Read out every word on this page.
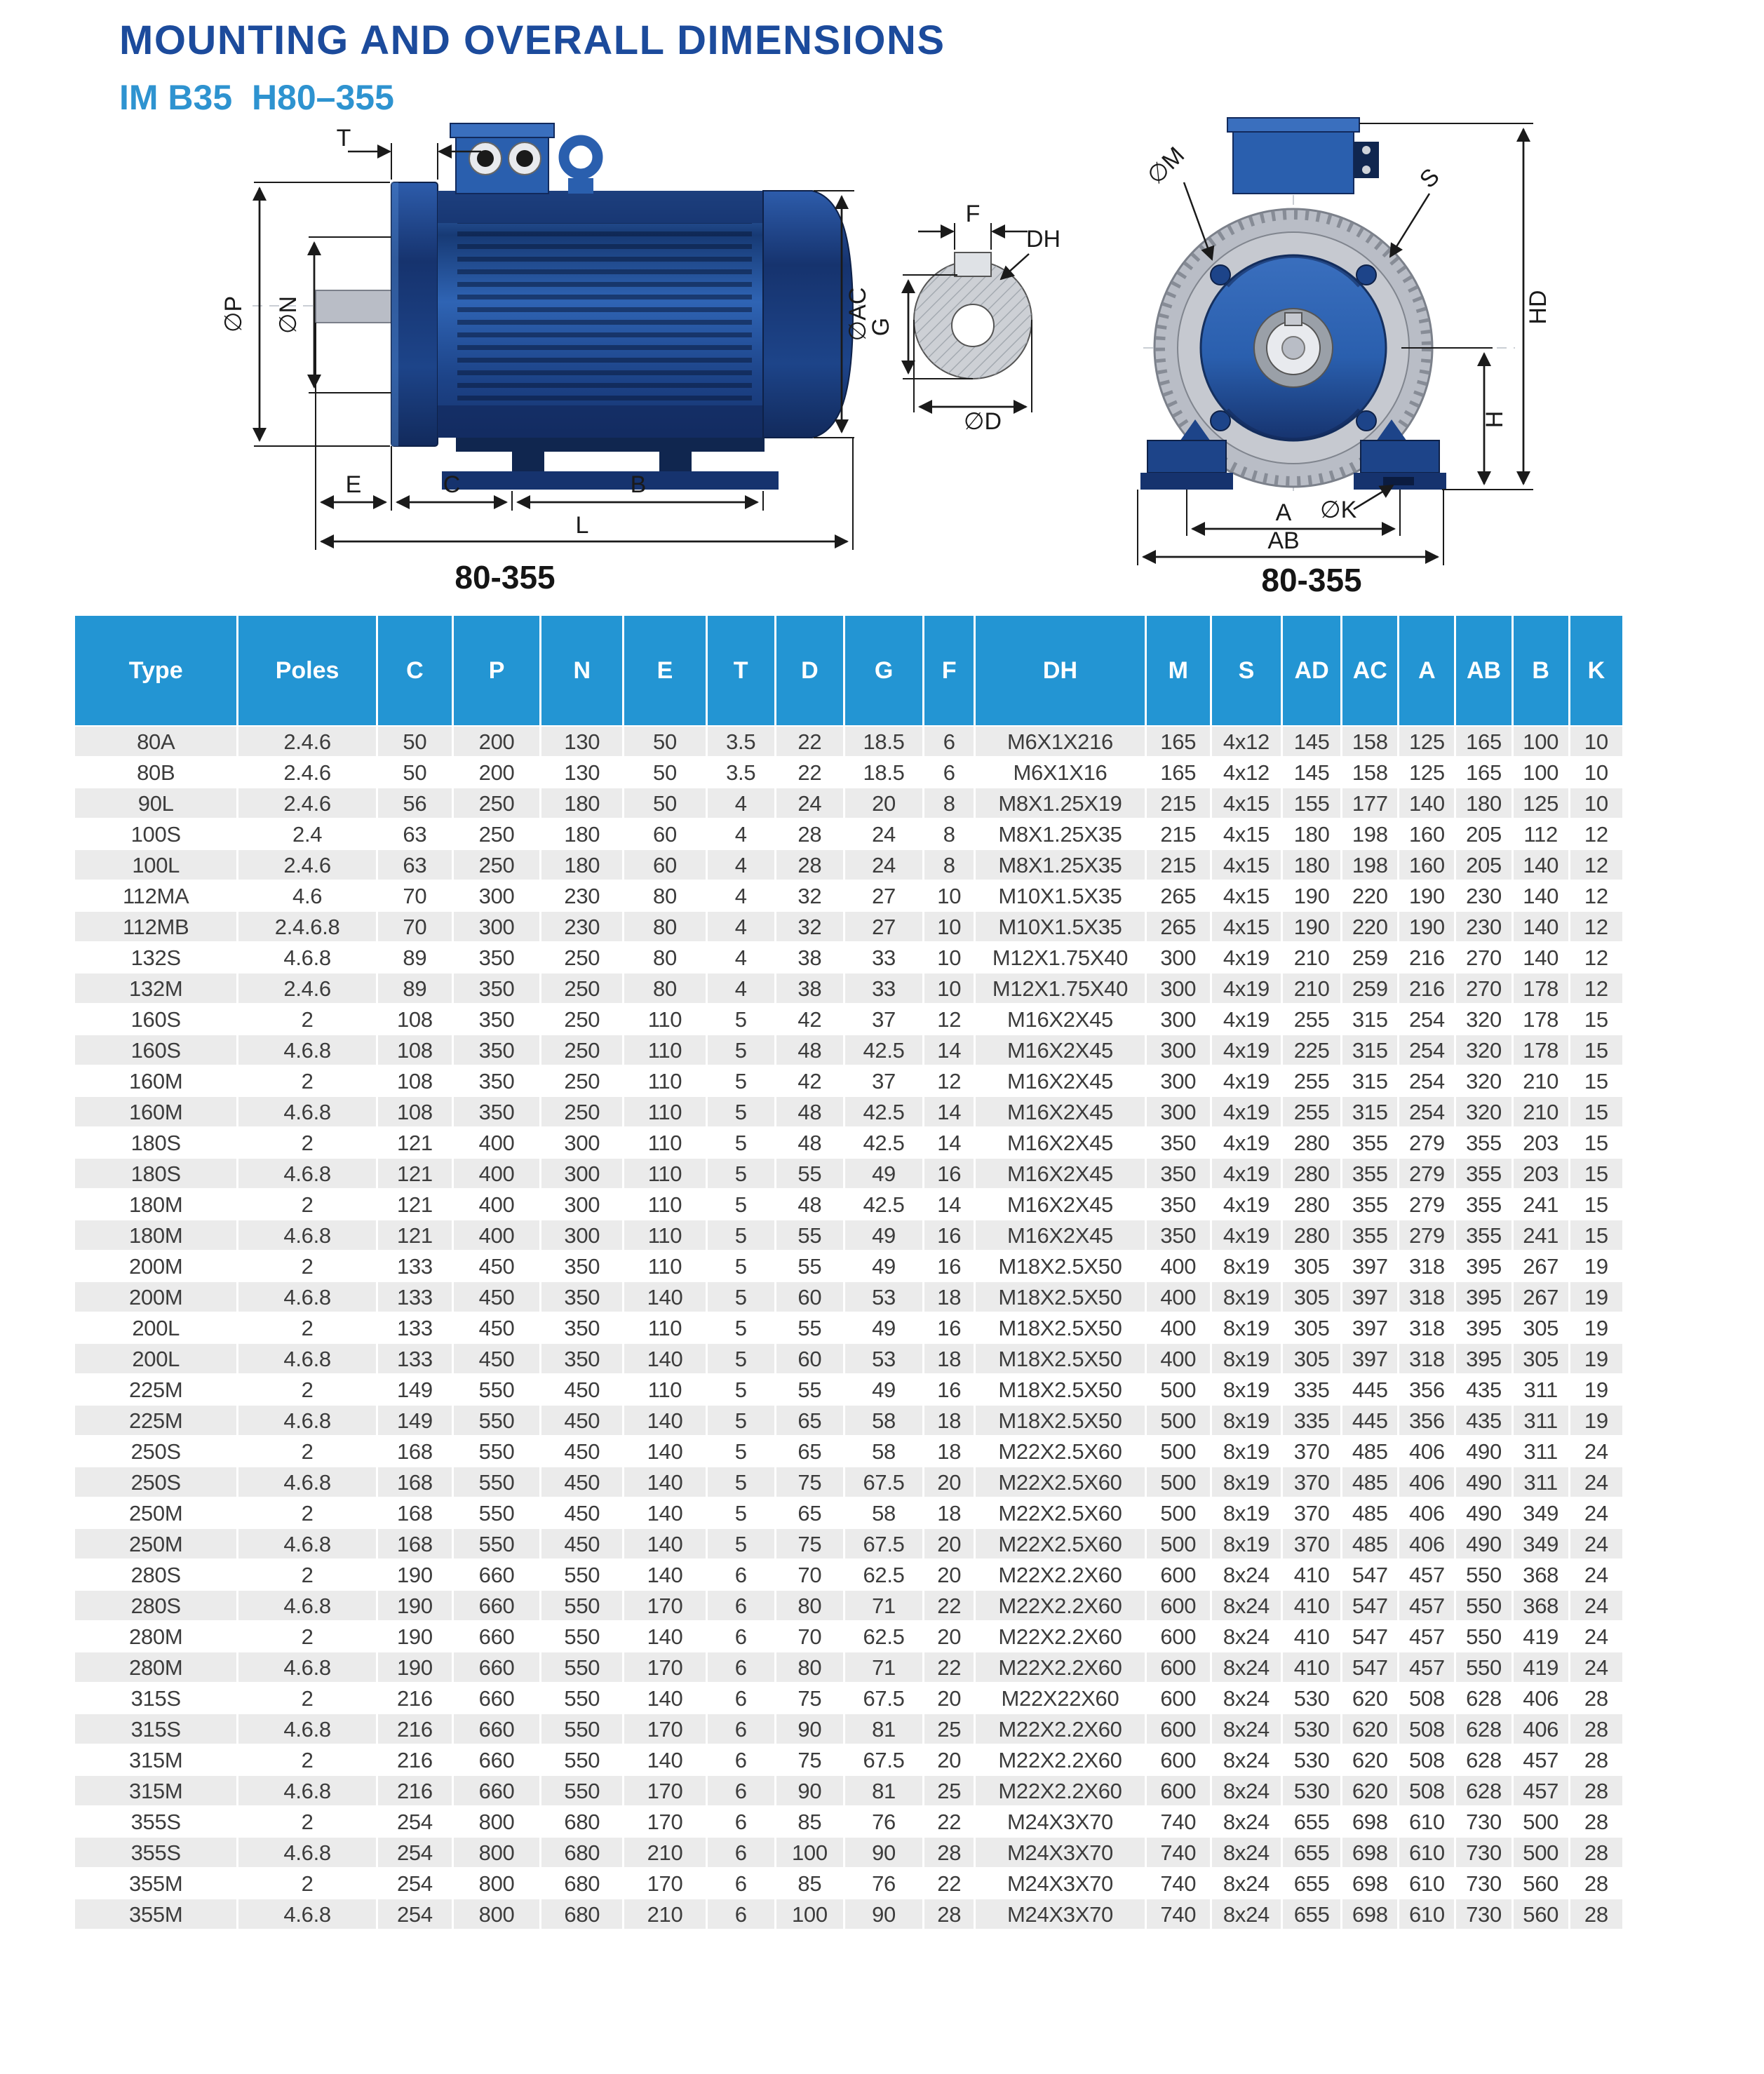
MOUNTING AND OVERALL DIMENSIONS
IM B35  H80–355
T
∅P ∅N	∅AC
E	C	B
L
F
DH
G
∅D
∅M	S
HD
H
∅K
A
AB
80-355	80-355
Type	Poles	C	P	N	E	T	D	G	F	DH	M	S	AD	AC	A	AB	B	K
80A	2.4.6	50	200	130	50	3.5	22	18.5	6	M6X1X216	165	4x12	145	158	125	165	100	10
80B	2.4.6	50	200	130	50	3.5	22	18.5	6	M6X1X16	165	4x12	145	158	125	165	100	10
90L	2.4.6	56	250	180	50	4	24	20	8	M8X1.25X19	215	4x15	155	177	140	180	125	10
100S	2.4	63	250	180	60	4	28	24	8	M8X1.25X35	215	4x15	180	198	160	205	112	12
100L	2.4.6	63	250	180	60	4	28	24	8	M8X1.25X35	215	4x15	180	198	160	205	140	12
112MA	4.6	70	300	230	80	4	32	27	10	M10X1.5X35	265	4x15	190	220	190	230	140	12
112MB	2.4.6.8	70	300	230	80	4	32	27	10	M10X1.5X35	265	4x15	190	220	190	230	140	12
132S	4.6.8	89	350	250	80	4	38	33	10	M12X1.75X40	300	4x19	210	259	216	270	140	12
132M	2.4.6	89	350	250	80	4	38	33	10	M12X1.75X40	300	4x19	210	259	216	270	178	12
160S	2	108	350	250	110	5	42	37	12	M16X2X45	300	4x19	255	315	254	320	178	15
160S	4.6.8	108	350	250	110	5	48	42.5	14	M16X2X45	300	4x19	225	315	254	320	178	15
160M	2	108	350	250	110	5	42	37	12	M16X2X45	300	4x19	255	315	254	320	210	15
160M	4.6.8	108	350	250	110	5	48	42.5	14	M16X2X45	300	4x19	255	315	254	320	210	15
180S	2	121	400	300	110	5	48	42.5	14	M16X2X45	350	4x19	280	355	279	355	203	15
180S	4.6.8	121	400	300	110	5	55	49	16	M16X2X45	350	4x19	280	355	279	355	203	15
180M	2	121	400	300	110	5	48	42.5	14	M16X2X45	350	4x19	280	355	279	355	241	15
180M	4.6.8	121	400	300	110	5	55	49	16	M16X2X45	350	4x19	280	355	279	355	241	15
200M	2	133	450	350	110	5	55	49	16	M18X2.5X50	400	8x19	305	397	318	395	267	19
200M	4.6.8	133	450	350	140	5	60	53	18	M18X2.5X50	400	8x19	305	397	318	395	267	19
200L	2	133	450	350	110	5	55	49	16	M18X2.5X50	400	8x19	305	397	318	395	305	19
200L	4.6.8	133	450	350	140	5	60	53	18	M18X2.5X50	400	8x19	305	397	318	395	305	19
225M	2	149	550	450	110	5	55	49	16	M18X2.5X50	500	8x19	335	445	356	435	311	19
225M	4.6.8	149	550	450	140	5	65	58	18	M18X2.5X50	500	8x19	335	445	356	435	311	19
250S	2	168	550	450	140	5	65	58	18	M22X2.5X60	500	8x19	370	485	406	490	311	24
250S	4.6.8	168	550	450	140	5	75	67.5	20	M22X2.5X60	500	8x19	370	485	406	490	311	24
250M	2	168	550	450	140	5	65	58	18	M22X2.5X60	500	8x19	370	485	406	490	349	24
250M	4.6.8	168	550	450	140	5	75	67.5	20	M22X2.5X60	500	8x19	370	485	406	490	349	24
280S	2	190	660	550	140	6	70	62.5	20	M22X2.2X60	600	8x24	410	547	457	550	368	24
280S	4.6.8	190	660	550	170	6	80	71	22	M22X2.2X60	600	8x24	410	547	457	550	368	24
280M	2	190	660	550	140	6	70	62.5	20	M22X2.2X60	600	8x24	410	547	457	550	419	24
280M	4.6.8	190	660	550	170	6	80	71	22	M22X2.2X60	600	8x24	410	547	457	550	419	24
315S	2	216	660	550	140	6	75	67.5	20	M22X22X60	600	8x24	530	620	508	628	406	28
315S	4.6.8	216	660	550	170	6	90	81	25	M22X2.2X60	600	8x24	530	620	508	628	406	28
315M	2	216	660	550	140	6	75	67.5	20	M22X2.2X60	600	8x24	530	620	508	628	457	28
315M	4.6.8	216	660	550	170	6	90	81	25	M22X2.2X60	600	8x24	530	620	508	628	457	28
355S	2	254	800	680	170	6	85	76	22	M24X3X70	740	8x24	655	698	610	730	500	28
355S	4.6.8	254	800	680	210	6	100	90	28	M24X3X70	740	8x24	655	698	610	730	500	28
355M	2	254	800	680	170	6	85	76	22	M24X3X70	740	8x24	655	698	610	730	560	28
355M	4.6.8	254	800	680	210	6	100	90	28	M24X3X70	740	8x24	655	698	610	730	560	28
